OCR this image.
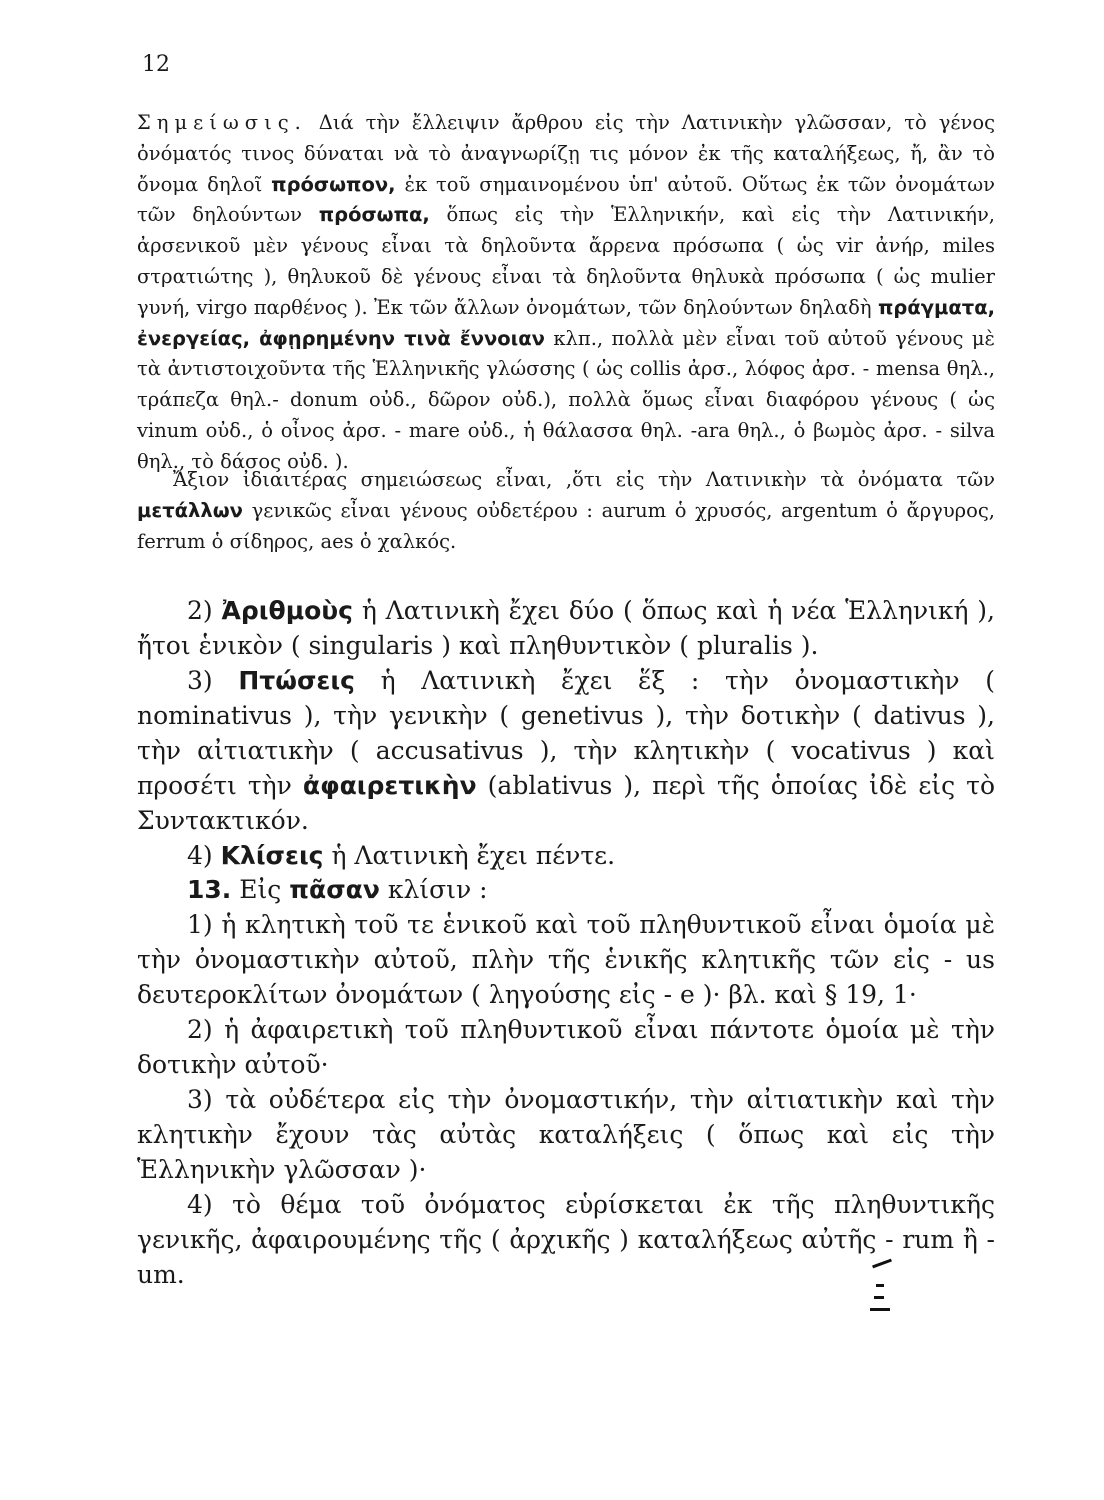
12

Σημείωσις. Διά τὴν ἔλλειψιν ἄρθρου εἰς τὴν Λατινικὴν γλῶσσαν, τὸ γένος ὀνόματός τινος δύναται νὰ τὸ ἀναγνωρίζῃ τις μόνον ἐκ τῆς καταλήξεως, ἤ, ἂν τὸ ὄνομα δηλοῖ πρόσωπον, ἐκ τοῦ σημαινομένου ὑπ' αὐτοῦ. Οὕτως ἐκ τῶν ὀνομάτων τῶν δηλούντων πρόσωπα, ὅπως εἰς τὴν Ἑλληνικήν, καὶ εἰς τὴν Λατινικήν, ἀρσενικοῦ μὲν γένους εἶναι τὰ δηλοῦντα ἄρρενα πρόσωπα ( ὡς vir ἀνήρ, miles στρατιώτης ), θηλυκοῦ δὲ γένους εἶναι τὰ δηλοῦντα θηλυκὰ πρόσωπα ( ὡς mulier γυνή, virgo παρθένος ). Ἐκ τῶν ἄλλων ὀνομάτων, τῶν δηλούντων δηλαδὴ πράγματα, ἐνεργείας, ἀφῃρημένην τινὰ ἔννοιαν κλπ., πολλὰ μὲν εἶναι τοῦ αὐτοῦ γένους μὲ τὰ ἀντιστοιχοῦντα τῆς Ἑλληνικῆς γλώσσης ( ὡς collis ἀρσ., λόφος ἀρσ. - mensa θηλ., τράπεζα θηλ.- donum οὐδ., δῶρον οὐδ.), πολλὰ ὅμως εἶναι διαφόρου γένους ( ὡς vinum οὐδ., ὁ οἶνος ἀρσ. - mare οὐδ., ἡ θάλασσα θηλ. -ara θηλ., ὁ βωμὸς ἀρσ. - silva θηλ., τὸ δάσος οὐδ. ).

Ἄξιον ἰδιαιτέρας σημειώσεως εἶναι, ,ὅτι εἰς τὴν Λατινικὴν τὰ ὀνόματα τῶν μετάλλων γενικῶς εἶναι γένους οὐδετέρου : aurum ὁ χρυσός, argentum ὁ ἄργυρος, ferrum ὁ σίδηρος, aes ὁ χαλκός.

2) Ἀριθμοὺς ἡ Λατινικὴ ἔχει δύο ( ὅπως καὶ ἡ νέα Ἑλληνική ), ἤτοι ἑνικὸν ( singularis ) καὶ πληθυντικὸν ( pluralis ).

3) Πτώσεις ἡ Λατινικὴ ἔχει ἕξ : τὴν ὀνομαστικὴν ( nominativus ), τὴν γενικὴν ( genetivus ), τὴν δοτικὴν ( dativus ), τὴν αἰτιατικὴν ( accusativus ), τὴν κλητικὴν ( vocativus ) καὶ προσέτι τὴν ἀφαιρετικὴν (ablativus ), περὶ τῆς ὁποίας ἰδὲ εἰς τὸ Συντακτικόν.

4) Κλίσεις ἡ Λατινικὴ ἔχει πέντε.

13. Εἰς πᾶσαν κλίσιν :

1) ἡ κλητικὴ τοῦ τε ἑνικοῦ καὶ τοῦ πληθυντικοῦ εἶναι ὁμοία μὲ τὴν ὀνομαστικὴν αὐτοῦ, πλὴν τῆς ἑνικῆς κλητικῆς τῶν εἰς - us δευτεροκλίτων ὀνομάτων ( ληγούσης εἰς - e )· βλ. καὶ § 19, 1·

2) ἡ ἀφαιρετικὴ τοῦ πληθυντικοῦ εἶναι πάντοτε ὁμοία μὲ τὴν δοτικὴν αὐτοῦ·

3) τὰ οὐδέτερα εἰς τὴν ὀνομαστικήν, τὴν αἰτιατικὴν καὶ τὴν κλητικὴν ἔχουν τὰς αὐτὰς καταλήξεις ( ὅπως καὶ εἰς τὴν Ἑλληνικὴν γλῶσσαν )·

4) τὸ θέμα τοῦ ὀνόματος εὑρίσκεται ἐκ τῆς πληθυντικῆς γενικῆς, ἀφαιρουμένης τῆς ( ἀρχικῆς ) καταλήξεως αὐτῆς - rum ἢ - um.
